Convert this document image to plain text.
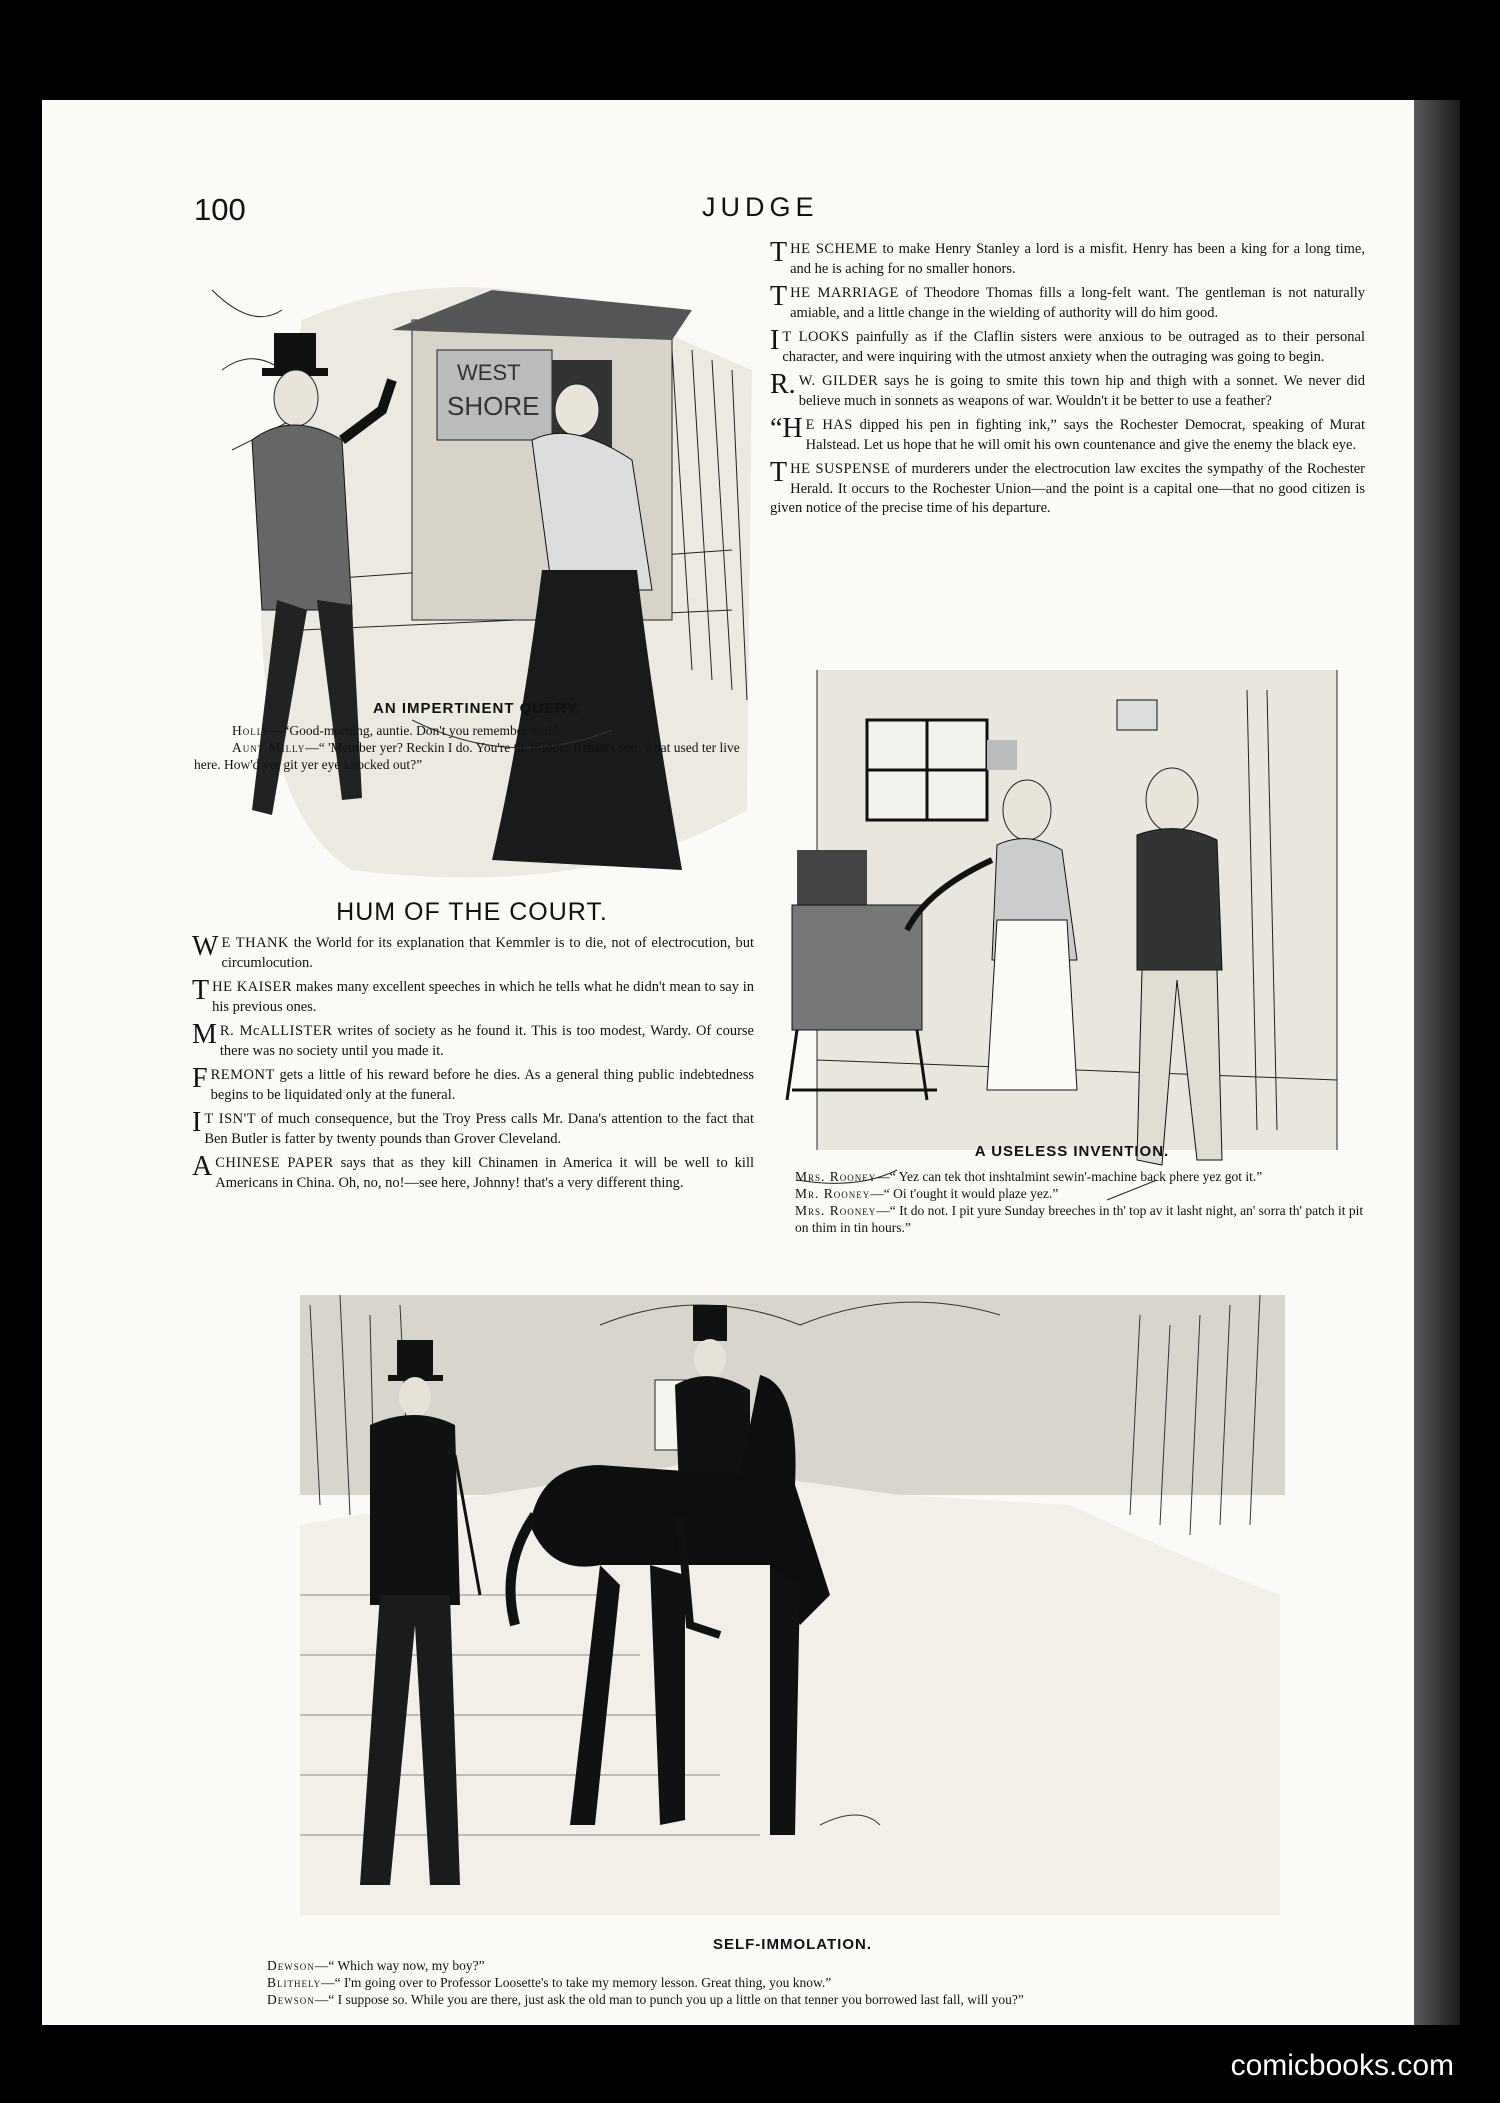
100	JUDGE
WEST
SHORE
AN IMPERTINENT QUERY.

Holly—“Good-morning, auntie. Don't you remember me?”

Aunt Milly—“ 'Member yer? Reckin I do. You're th' Widder Bemis's son, what used ter live here. How'd yer git yer eye knocked out?”

HUM OF THE COURT.

W E THANK the World for its explanation that Kemmler is to die, not of electrocution, but circumlocution.

THE KAISER makes many excellent speeches in which he tells what he didn't mean to say in his previous ones.

M R. McALLISTER writes of society as he found it. This is too modest, Wardy. Of course there was no society until you made it.

FREMONT gets a little of his reward before he dies. As a general thing public indebtedness begins to be liquidated only at the funeral.

I T ISN'T of much consequence, but the Troy Press calls Mr. Dana's attention to the fact that Ben Butler is fatter by twenty pounds than Grover Cleveland.

A CHINESE PAPER says that as they kill Chinamen in America it will be well to kill Americans in China. Oh, no, no!—see here, Johnny! that's a very different thing.

THE SCHEME to make Henry Stanley a lord is a misfit. Henry has been a king for a long time, and he is aching for no smaller honors.

THE MARRIAGE of Theodore Thomas fills a long-felt want. The gentleman is not naturally amiable, and a little change in the wielding of authority will do him good.

I T LOOKS painfully as if the Claflin sisters were anxious to be outraged as to their personal character, and were inquiring with the utmost anxiety when the outraging was going to begin.

R. W. GILDER says he is going to smite this town hip and thigh with a sonnet. We never did believe much in sonnets as weapons of war. Wouldn't it be better to use a feather?

“H E HAS dipped his pen in fighting ink,” says the Rochester Democrat, speaking of Murat Halstead. Let us hope that he will omit his own countenance and give the enemy the black eye.

THE SUSPENSE of murderers under the electrocution law excites the sympathy of the Rochester Herald. It occurs to the Rochester Union—and the point is a capital one—that no good citizen is given notice of the precise time of his departure.

A USELESS INVENTION.

Mrs. Rooney—“ Yez can tek thot inshtalmint sewin'-machine back phere yez got it.”

Mr. Rooney—“ Oi t'ought it would plaze yez.”

Mrs. Rooney—“ It do not. I pit yure Sunday breeches in th' top av it lasht night, an' sorra th' patch it pit on thim in tin hours.”

SELF-IMMOLATION.

Dewson—“ Which way now, my boy?”

Blithely—“ I'm going over to Professor Loosette's to take my memory lesson. Great thing, you know.”

Dewson—“ I suppose so. While you are there, just ask the old man to punch you up a little on that tenner you borrowed last fall, will you?”

comicbooks.com
